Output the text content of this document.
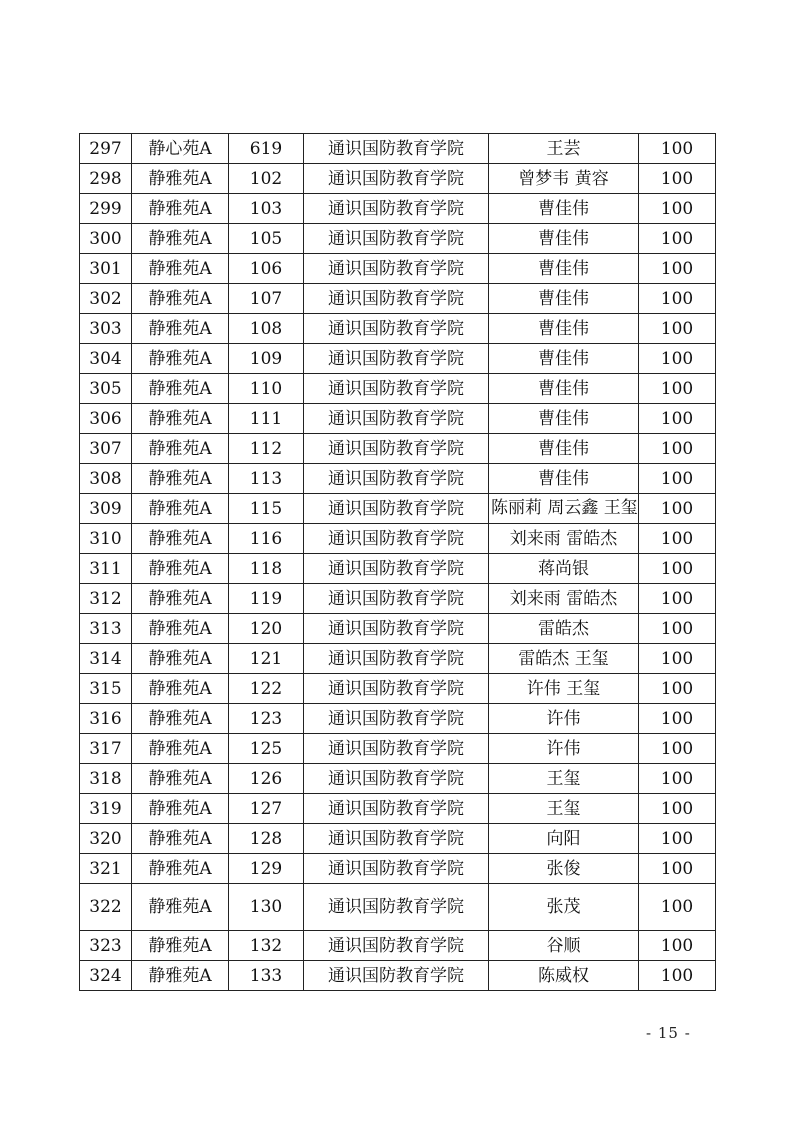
297	静心苑A	619	通识国防教育学院	王芸	100
298	静雅苑A	102	通识国防教育学院	曾梦韦 黄容	100
299	静雅苑A	103	通识国防教育学院	曹佳伟	100
300	静雅苑A	105	通识国防教育学院	曹佳伟	100
301	静雅苑A	106	通识国防教育学院	曹佳伟	100
302	静雅苑A	107	通识国防教育学院	曹佳伟	100
303	静雅苑A	108	通识国防教育学院	曹佳伟	100
304	静雅苑A	109	通识国防教育学院	曹佳伟	100
305	静雅苑A	110	通识国防教育学院	曹佳伟	100
306	静雅苑A	111	通识国防教育学院	曹佳伟	100
307	静雅苑A	112	通识国防教育学院	曹佳伟	100
308	静雅苑A	113	通识国防教育学院	曹佳伟	100
309	静雅苑A	115	通识国防教育学院	陈丽莉 周云鑫 王玺	100
310	静雅苑A	116	通识国防教育学院	刘来雨 雷皓杰	100
311	静雅苑A	118	通识国防教育学院	蒋尚银	100
312	静雅苑A	119	通识国防教育学院	刘来雨 雷皓杰	100
313	静雅苑A	120	通识国防教育学院	雷皓杰	100
314	静雅苑A	121	通识国防教育学院	雷皓杰 王玺	100
315	静雅苑A	122	通识国防教育学院	许伟 王玺	100
316	静雅苑A	123	通识国防教育学院	许伟	100
317	静雅苑A	125	通识国防教育学院	许伟	100
318	静雅苑A	126	通识国防教育学院	王玺	100
319	静雅苑A	127	通识国防教育学院	王玺	100
320	静雅苑A	128	通识国防教育学院	向阳	100
321	静雅苑A	129	通识国防教育学院	张俊	100
322	静雅苑A	130	通识国防教育学院	张茂	100
323	静雅苑A	132	通识国防教育学院	谷顺	100
324	静雅苑A	133	通识国防教育学院	陈威权	100
- 15 -
